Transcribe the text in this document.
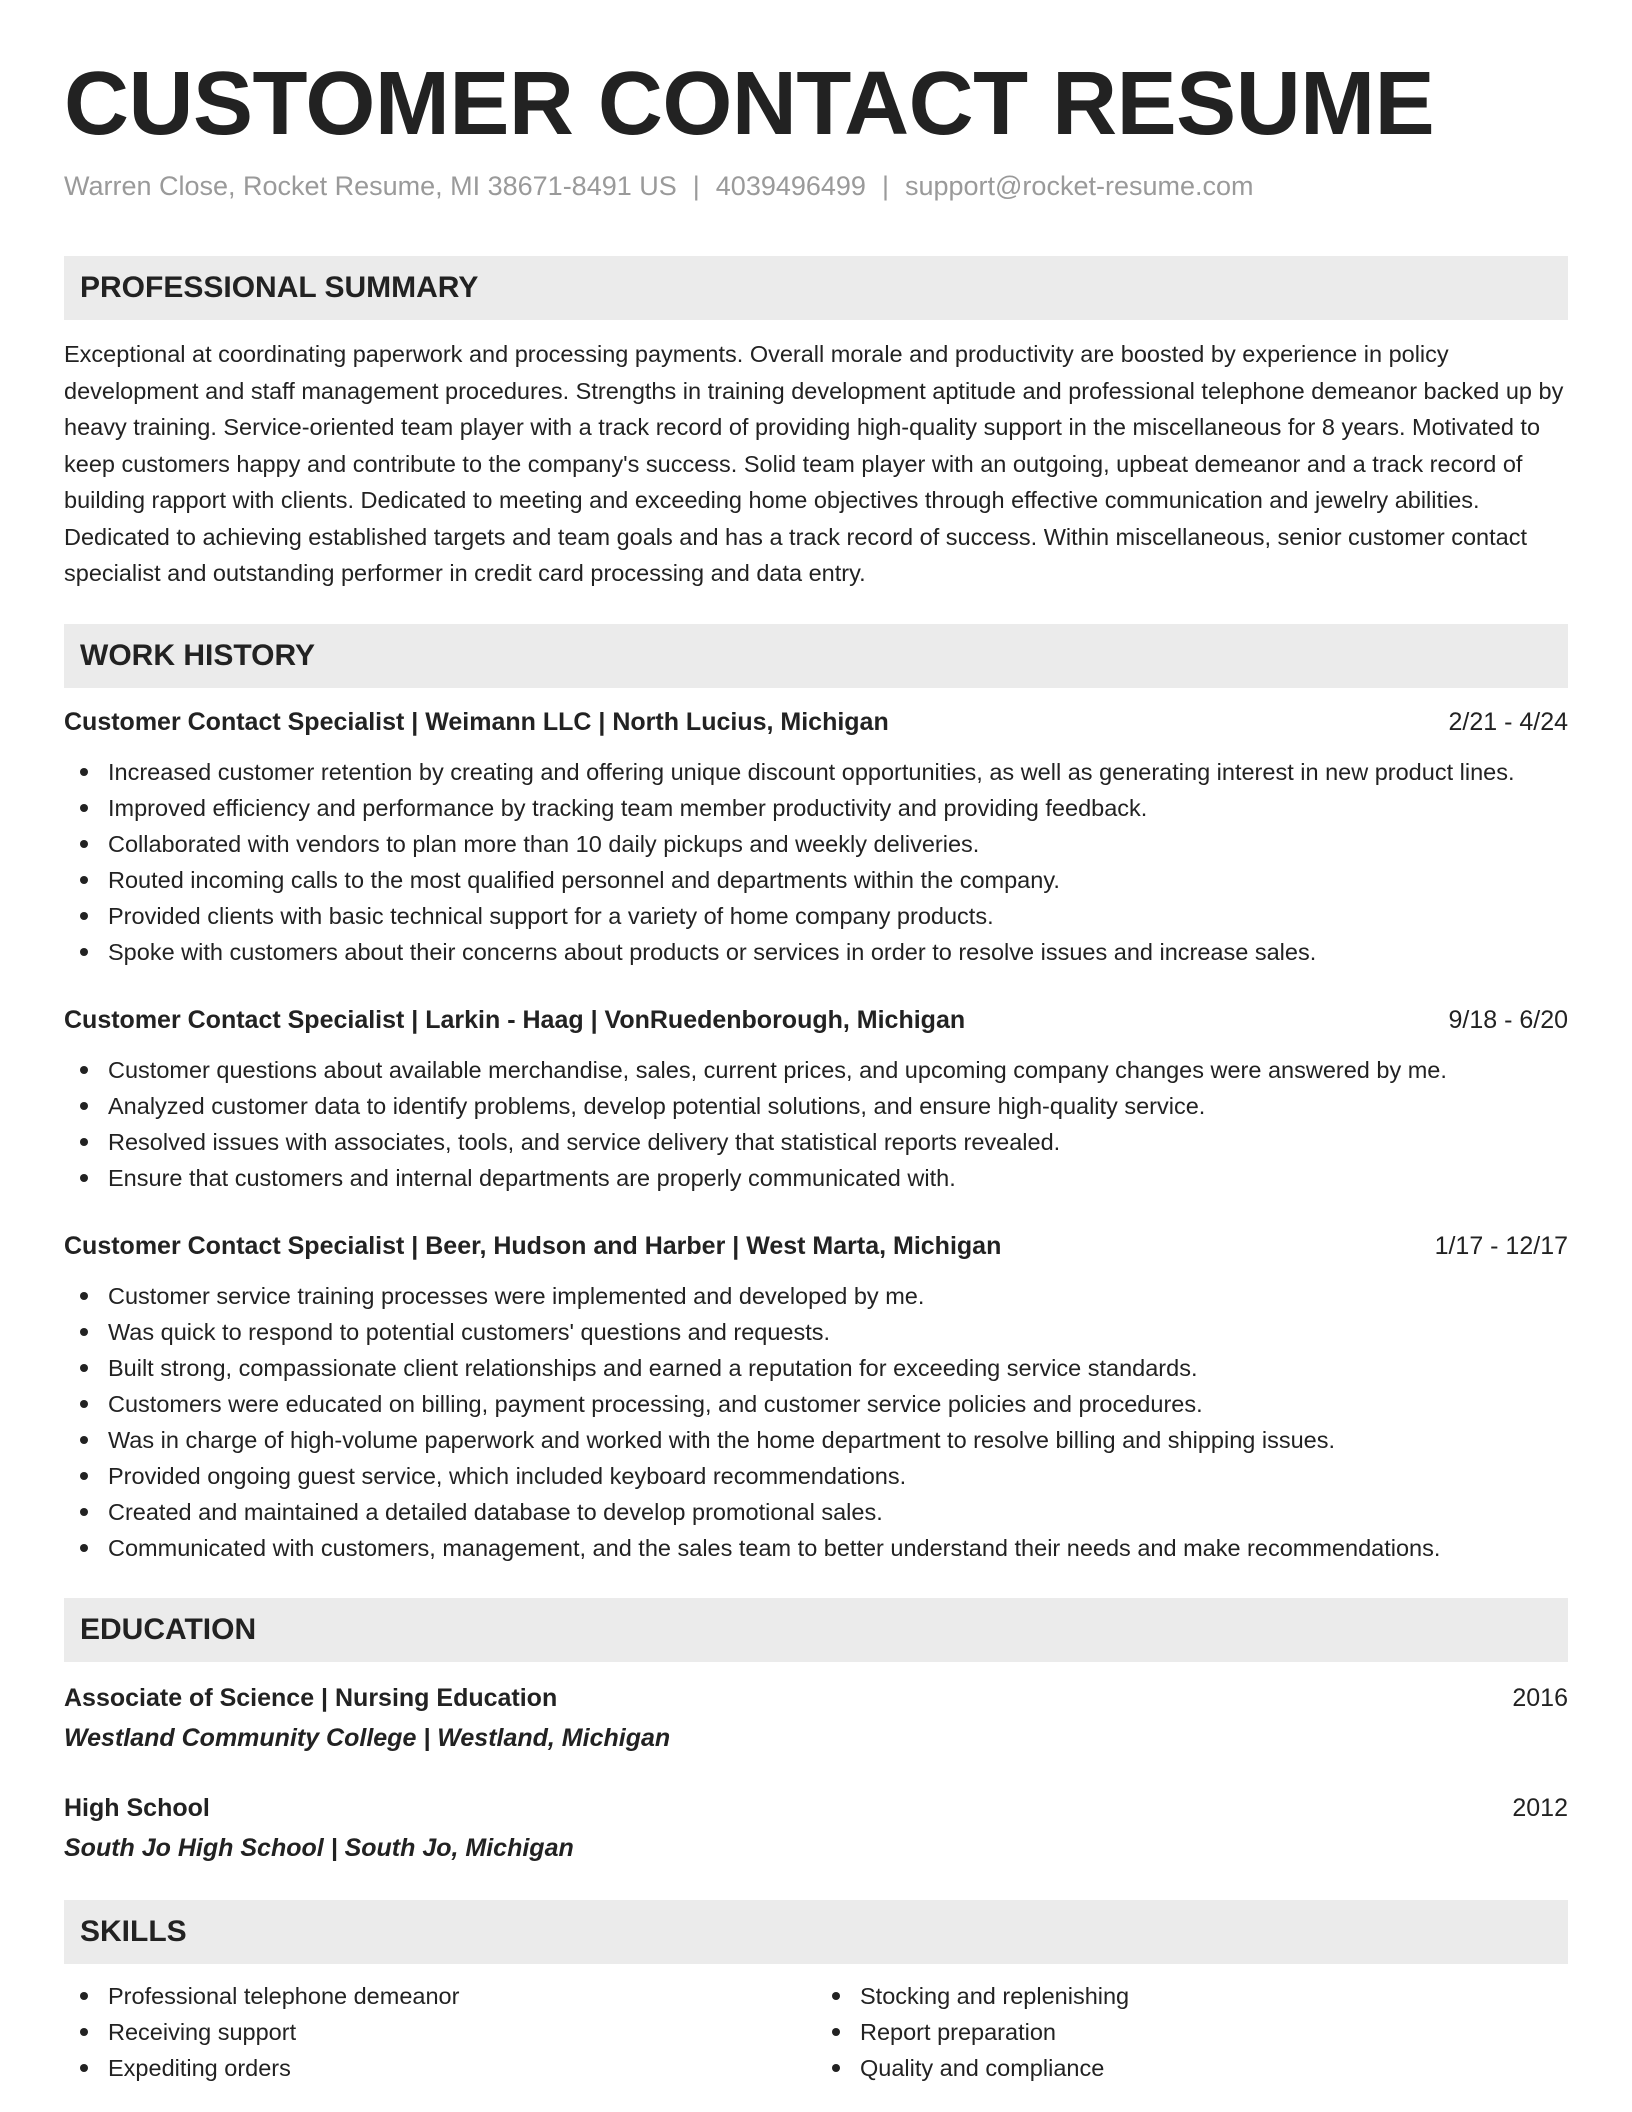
CUSTOMER CONTACT RESUME
Warren Close, Rocket Resume, MI 38671-8491 US | 4039496499 | support@rocket-resume.com
PROFESSIONAL SUMMARY

Exceptional at coordinating paperwork and processing payments. Overall morale and productivity are boosted by experience in policy development and staff management procedures. Strengths in training development aptitude and professional telephone demeanor backed up by heavy training. Service-oriented team player with a track record of providing high-quality support in the miscellaneous for 8 years. Motivated to keep customers happy and contribute to the company's success. Solid team player with an outgoing, upbeat demeanor and a track record of building rapport with clients. Dedicated to meeting and exceeding home objectives through effective communication and jewelry abilities. Dedicated to achieving established targets and team goals and has a track record of success. Within miscellaneous, senior customer contact specialist and outstanding performer in credit card processing and data entry.

WORK HISTORY
Customer Contact Specialist | Weimann LLC | North Lucius, Michigan	2/21 - 4/24
Increased customer retention by creating and offering unique discount opportunities, as well as generating interest in new product lines.
Improved efficiency and performance by tracking team member productivity and providing feedback.
Collaborated with vendors to plan more than 10 daily pickups and weekly deliveries.
Routed incoming calls to the most qualified personnel and departments within the company.
Provided clients with basic technical support for a variety of home company products.
Spoke with customers about their concerns about products or services in order to resolve issues and increase sales.
Customer Contact Specialist | Larkin - Haag | VonRuedenborough, Michigan	9/18 - 6/20
Customer questions about available merchandise, sales, current prices, and upcoming company changes were answered by me.
Analyzed customer data to identify problems, develop potential solutions, and ensure high-quality service.
Resolved issues with associates, tools, and service delivery that statistical reports revealed.
Ensure that customers and internal departments are properly communicated with.
Customer Contact Specialist | Beer, Hudson and Harber | West Marta, Michigan	1/17 - 12/17
Customer service training processes were implemented and developed by me.
Was quick to respond to potential customers' questions and requests.
Built strong, compassionate client relationships and earned a reputation for exceeding service standards.
Customers were educated on billing, payment processing, and customer service policies and procedures.
Was in charge of high-volume paperwork and worked with the home department to resolve billing and shipping issues.
Provided ongoing guest service, which included keyboard recommendations.
Created and maintained a detailed database to develop promotional sales.
Communicated with customers, management, and the sales team to better understand their needs and make recommendations.
EDUCATION
Associate of Science | Nursing Education	2016
Westland Community College | Westland, Michigan
High School	2012
South Jo High School | South Jo, Michigan
SKILLS
Professional telephone demeanor
Receiving support
Expediting orders
Stocking and replenishing
Report preparation
Quality and compliance
